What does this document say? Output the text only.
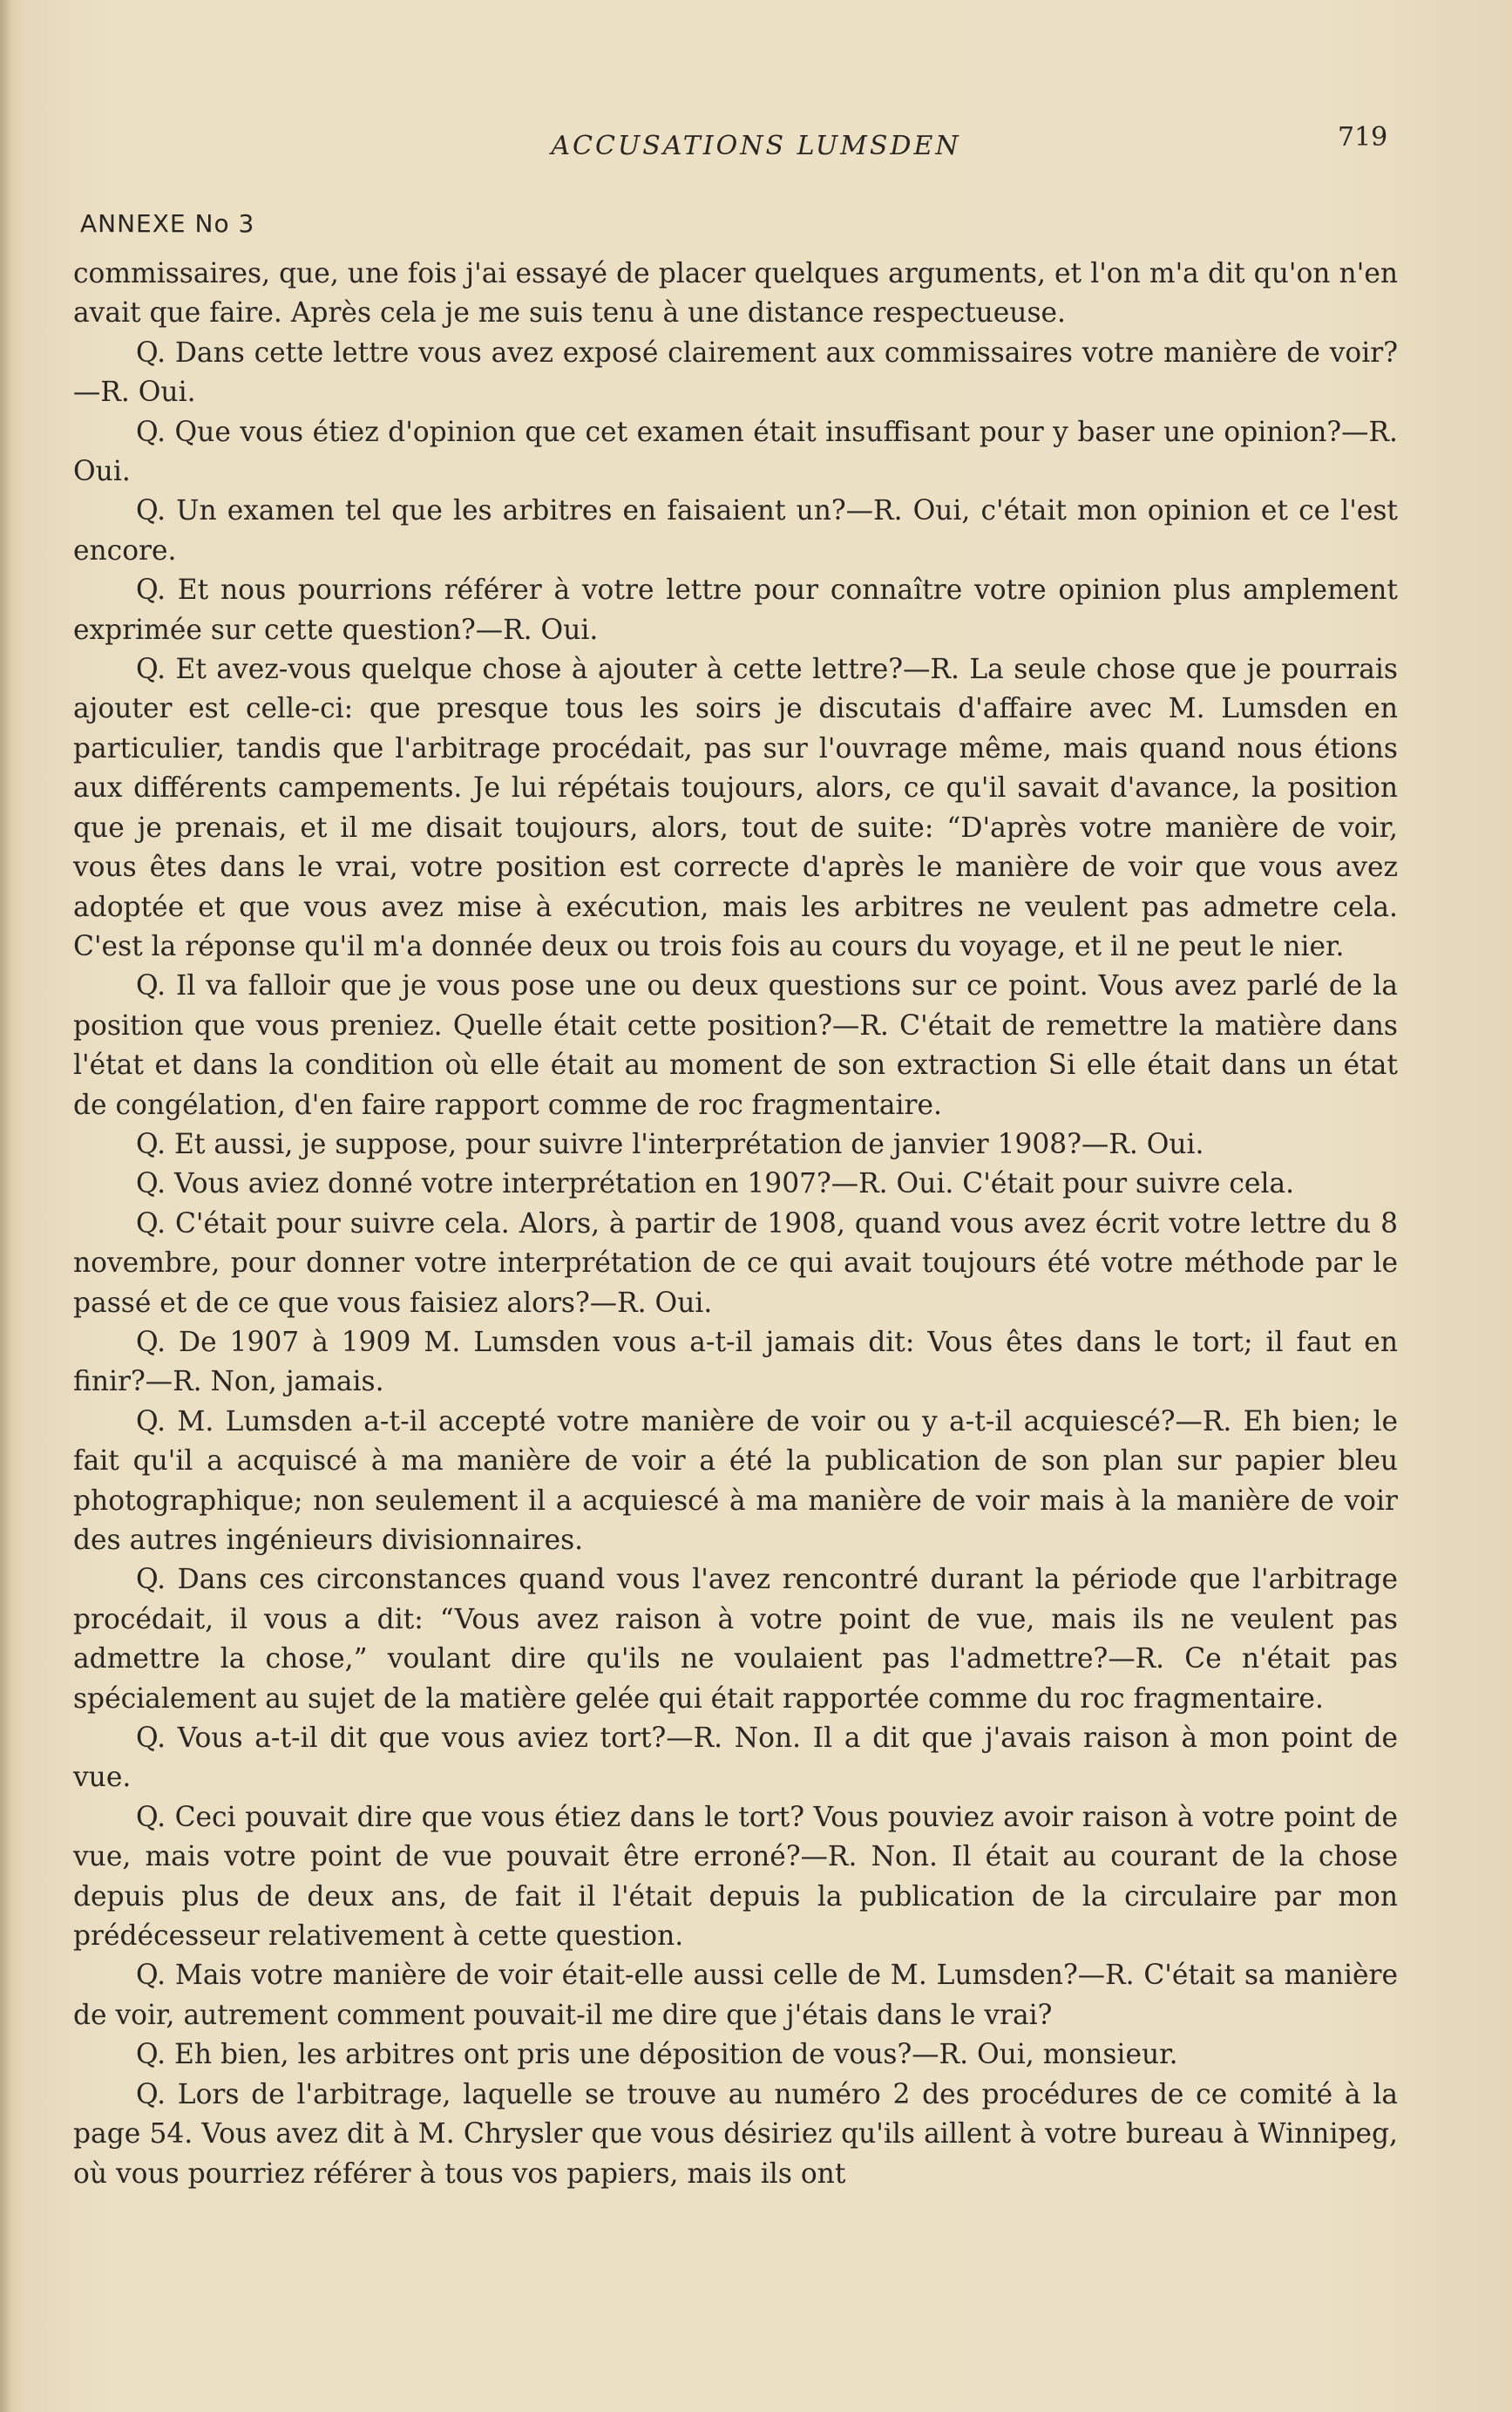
ACCUSATIONS LUMSDEN	719
ANNEXE No 3

commissaires, que, une fois j'ai essayé de placer quelques arguments, et l'on m'a dit qu'on n'en avait que faire. Après cela je me suis tenu à une distance respectueuse.

Q. Dans cette lettre vous avez exposé clairement aux commissaires votre manière de voir?—R. Oui.

Q. Que vous étiez d'opinion que cet examen était insuffisant pour y baser une opinion?—R. Oui.

Q. Un examen tel que les arbitres en faisaient un?—R. Oui, c'était mon opinion et ce l'est encore.

Q. Et nous pourrions référer à votre lettre pour connaître votre opinion plus amplement exprimée sur cette question?—R. Oui.

Q. Et avez-vous quelque chose à ajouter à cette lettre?—R. La seule chose que je pourrais ajouter est celle-ci: que presque tous les soirs je discutais d'affaire avec M. Lumsden en particulier, tandis que l'arbitrage procédait, pas sur l'ouvrage même, mais quand nous étions aux différents campements. Je lui répétais toujours, alors, ce qu'il savait d'avance, la position que je prenais, et il me disait toujours, alors, tout de suite: “D'après votre manière de voir, vous êtes dans le vrai, votre position est correcte d'après le manière de voir que vous avez adoptée et que vous avez mise à exécution, mais les arbitres ne veulent pas admetre cela. C'est la réponse qu'il m'a donnée deux ou trois fois au cours du voyage, et il ne peut le nier.

Q. Il va falloir que je vous pose une ou deux questions sur ce point. Vous avez parlé de la position que vous preniez. Quelle était cette position?—R. C'était de remettre la matière dans l'état et dans la condition où elle était au moment de son extraction Si elle était dans un état de congélation, d'en faire rapport comme de roc fragmentaire.

Q. Et aussi, je suppose, pour suivre l'interprétation de janvier 1908?—R. Oui.

Q. Vous aviez donné votre interprétation en 1907?—R. Oui. C'était pour suivre cela.

Q. C'était pour suivre cela. Alors, à partir de 1908, quand vous avez écrit votre lettre du 8 novembre, pour donner votre interprétation de ce qui avait toujours été votre méthode par le passé et de ce que vous faisiez alors?—R. Oui.

Q. De 1907 à 1909 M. Lumsden vous a-t-il jamais dit: Vous êtes dans le tort; il faut en finir?—R. Non, jamais.

Q. M. Lumsden a-t-il accepté votre manière de voir ou y a-t-il acquiescé?—R. Eh bien; le fait qu'il a acquiscé à ma manière de voir a été la publication de son plan sur papier bleu photographique; non seulement il a acquiescé à ma manière de voir mais à la manière de voir des autres ingénieurs divisionnaires.

Q. Dans ces circonstances quand vous l'avez rencontré durant la période que l'arbitrage procédait, il vous a dit: “Vous avez raison à votre point de vue, mais ils ne veulent pas admettre la chose,” voulant dire qu'ils ne voulaient pas l'admettre?—R. Ce n'était pas spécialement au sujet de la matière gelée qui était rapportée comme du roc fragmentaire.

Q. Vous a-t-il dit que vous aviez tort?—R. Non. Il a dit que j'avais raison à mon point de vue.

Q. Ceci pouvait dire que vous étiez dans le tort? Vous pouviez avoir raison à votre point de vue, mais votre point de vue pouvait être erroné?—R. Non. Il était au courant de la chose depuis plus de deux ans, de fait il l'était depuis la publication de la circulaire par mon prédécesseur relativement à cette question.

Q. Mais votre manière de voir était-elle aussi celle de M. Lumsden?—R. C'était sa manière de voir, autrement comment pouvait-il me dire que j'étais dans le vrai?

Q. Eh bien, les arbitres ont pris une déposition de vous?—R. Oui, monsieur.

Q. Lors de l'arbitrage, laquelle se trouve au numéro 2 des procédures de ce comité à la page 54. Vous avez dit à M. Chrysler que vous désiriez qu'ils aillent à votre bureau à Winnipeg, où vous pourriez référer à tous vos papiers, mais ils ont
